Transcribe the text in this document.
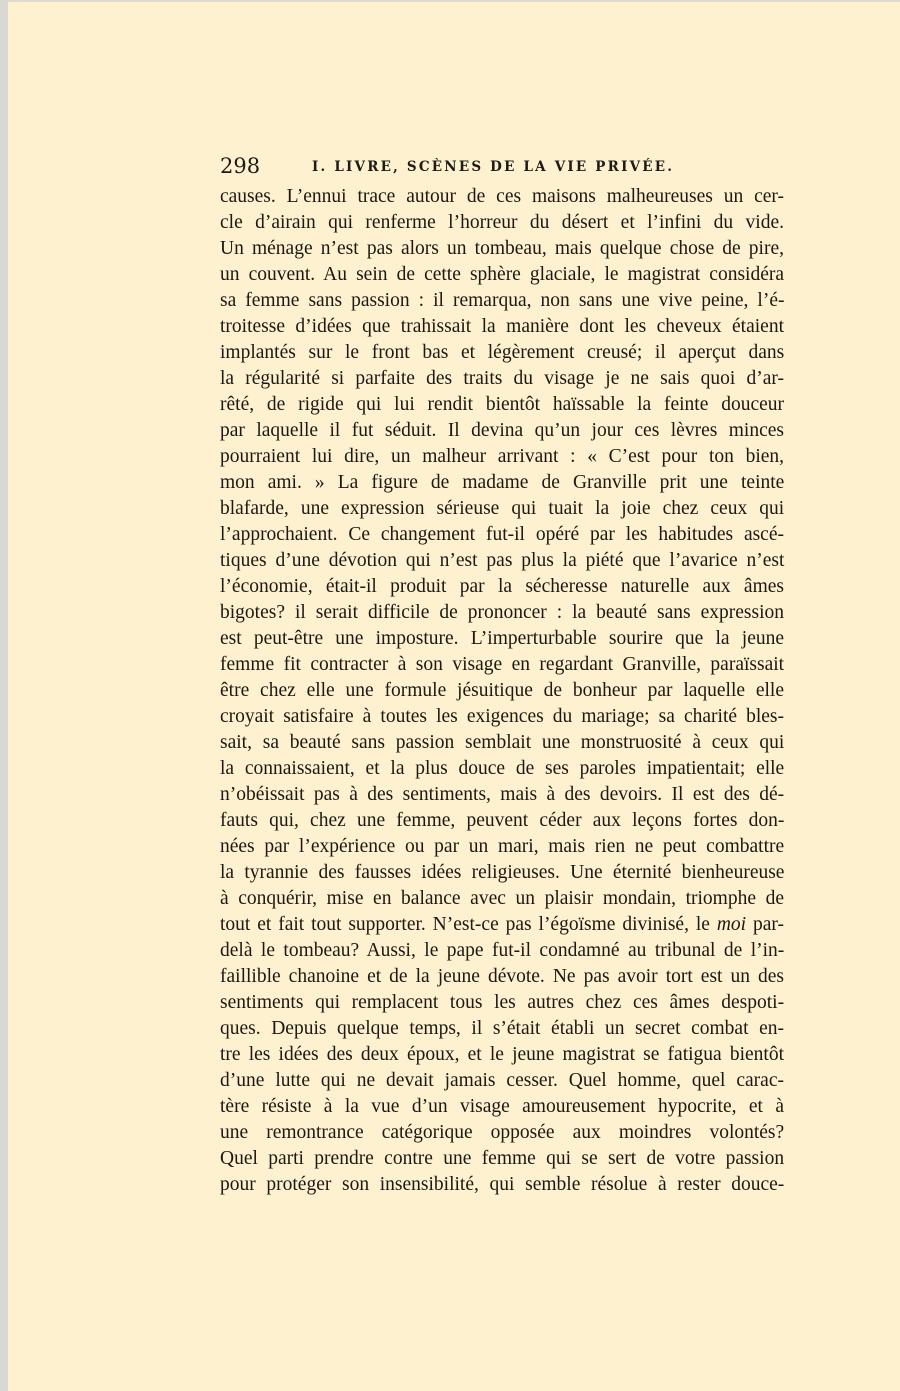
298	I. LIVRE, SCÈNES DE LA VIE PRIVÉE.
causes. L’ennui trace autour de ces maisons malheureuses un cer-
cle d’airain qui renferme l’horreur du désert et l’infini du vide.
Un ménage n’est pas alors un tombeau, mais quelque chose de pire,
un couvent. Au sein de cette sphère glaciale, le magistrat considéra
sa femme sans passion : il remarqua, non sans une vive peine, l’é-
troitesse d’idées que trahissait la manière dont les cheveux étaient
implantés sur le front bas et légèrement creusé; il aperçut dans
la régularité si parfaite des traits du visage je ne sais quoi d’ar-
rêté, de rigide qui lui rendit bientôt haïssable la feinte douceur
par laquelle il fut séduit. Il devina qu’un jour ces lèvres minces
pourraient lui dire, un malheur arrivant : « C’est pour ton bien,
mon ami. » La figure de madame de Granville prit une teinte
blafarde, une expression sérieuse qui tuait la joie chez ceux qui
l’approchaient. Ce changement fut-il opéré par les habitudes ascé-
tiques d’une dévotion qui n’est pas plus la piété que l’avarice n’est
l’économie, était-il produit par la sécheresse naturelle aux âmes
bigotes? il serait difficile de prononcer : la beauté sans expression
est peut-être une imposture. L’imperturbable sourire que la jeune
femme fit contracter à son visage en regardant Granville, paraïssait
être chez elle une formule jésuitique de bonheur par laquelle elle
croyait satisfaire à toutes les exigences du mariage; sa charité bles-
sait, sa beauté sans passion semblait une monstruosité à ceux qui
la connaissaient, et la plus douce de ses paroles impatientait; elle
n’obéissait pas à des sentiments, mais à des devoirs. Il est des dé-
fauts qui, chez une femme, peuvent céder aux leçons fortes don-
nées par l’expérience ou par un mari, mais rien ne peut combattre
la tyrannie des fausses idées religieuses. Une éternité bienheureuse
à conquérir, mise en balance avec un plaisir mondain, triomphe de
tout et fait tout supporter. N’est-ce pas l’égoïsme divinisé, le moi par-
delà le tombeau? Aussi, le pape fut-il condamné au tribunal de l’in-
faillible chanoine et de la jeune dévote. Ne pas avoir tort est un des
sentiments qui remplacent tous les autres chez ces âmes despoti-
ques. Depuis quelque temps, il s’était établi un secret combat en-
tre les idées des deux époux, et le jeune magistrat se fatigua bientôt
d’une lutte qui ne devait jamais cesser. Quel homme, quel carac-
tère résiste à la vue d’un visage amoureusement hypocrite, et à
une remontrance catégorique opposée aux moindres volontés?
Quel parti prendre contre une femme qui se sert de votre passion
pour protéger son insensibilité, qui semble résolue à rester douce-
